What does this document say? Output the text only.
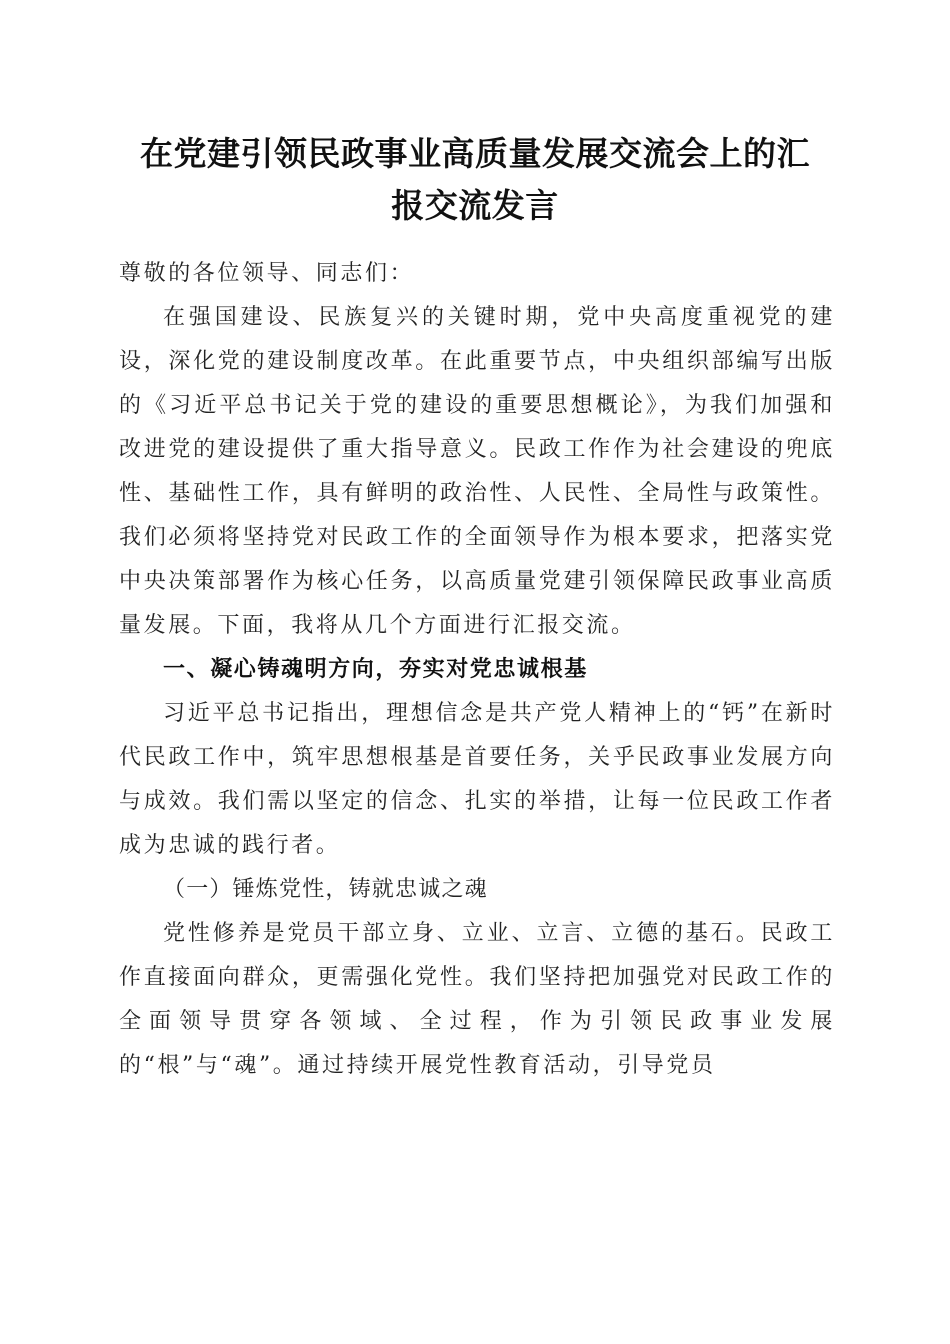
在党建引领民政事业高质量发展交流会上的汇
报交流发言

尊敬的各位领导、同志们：

在强国建设、民族复兴的关键时期，党中央高度重视党的建设，深化党的建设制度改革。在此重要节点，中央组织部编写出版的《习近平总书记关于党的建设的重要思想概论》，为我们加强和改进党的建设提供了重大指导意义。民政工作作为社会建设的兜底性、基础性工作，具有鲜明的政治性、人民性、全局性与政策性。我们必须将坚持党对民政工作的全面领导作为根本要求，把落实党中央决策部署作为核心任务，以高质量党建引领保障民政事业高质量发展。下面，我将从几个方面进行汇报交流。

一、凝心铸魂明方向，夯实对党忠诚根基

习近平总书记指出，理想信念是共产党人精神上的“钙”在新时代民政工作中，筑牢思想根基是首要任务，关乎民政事业发展方向与成效。我们需以坚定的信念、扎实的举措，让每一位民政工作者成为忠诚的践行者。

（一）锤炼党性，铸就忠诚之魂

党性修养是党员干部立身、立业、立言、立德的基石。民政工作直接面向群众，更需强化党性。我们坚持把加强党对民政工作的全面领导贯穿各领域、全过程，作为引领民政事业发展的“根”与“魂”。通过持续开展党性教育活动，引导党员
